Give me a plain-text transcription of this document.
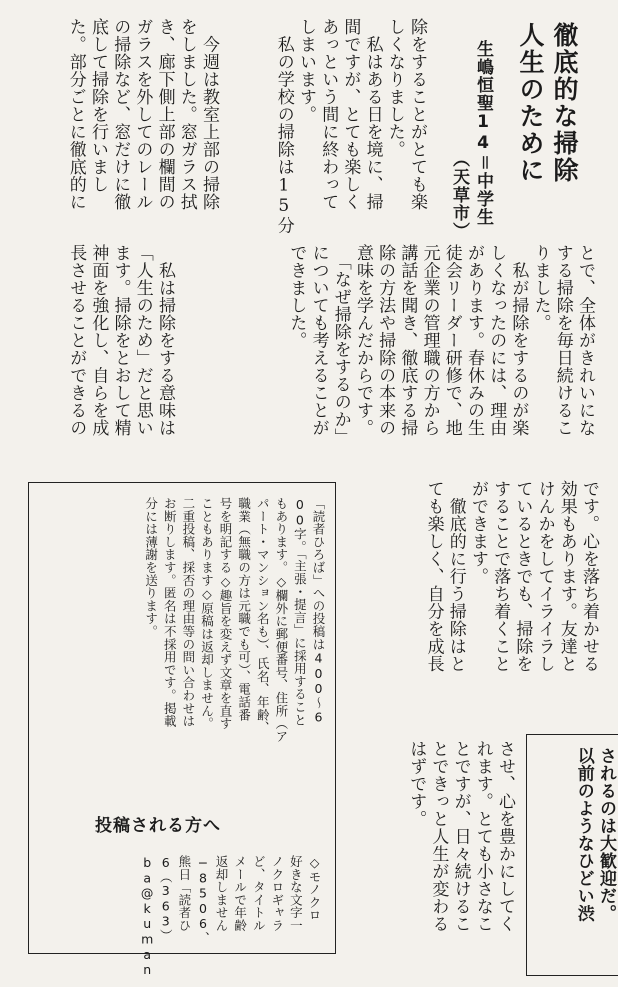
徹底的な掃除
人生のために
生嶋恒聖14＝中学生
（天草市）
除をすることがとても楽
しくなりました。
　私はある日を境に、掃
間ですが、とても楽しく
あっという間に終わって
しまいます。
　私の学校の掃除は15分
　今週は教室上部の掃除
をしました。窓ガラス拭
き、廊下側上部の欄間の
ガラスを外してのレール
の掃除など、窓だけに徹
底して掃除を行いまし
た。部分ごとに徹底的に
とで、全体がきれいにな
する掃除を毎日続けるこ
りました。
　私が掃除をするのが楽
しくなったのには、理由
があります。春休みの生
徒会リーダー研修で、地
元企業の管理職の方から
講話を聞き、徹底する掃
除の方法や掃除の本来の
意味を学んだからです。
　「なぜ掃除をするのか」
についても考えることが
できました。
　私は掃除をする意味は
「人生のため」だと思い
ます。掃除をとおして精
神面を強化し、自らを成
長させることができるの
です。心を落ち着かせる
効果もあります。友達と
けんかをしてイライラし
ているときでも、掃除を
することで落ち着くこと
ができます。
　徹底的に行う掃除はと
ても楽しく、自分を成長
させ、心を豊かにしてく
れます。とても小さなこ
とですが、日々続けるこ
とできっと人生が変わる
はずです。
「読者ひろば」への投稿は400〜6
00字。「主張・提言」に採用すること
もあります。◇欄外に郵便番号、住所（ア
パート・マンション名も）、氏名、年齢、
職業（無職の方は元職でも可）、電話番
号を明記する◇趣旨を変えず文章を直す
こともあります◇原稿は返却しません。
二重投稿、採否の理由等の問い合わせは
お断りします。匿名は不採用です。掲載
分には薄謝を送ります。
投稿される方へ
◇モノクロ
好きな文字一
ノクロギャラ
ど、タイトル
メールで年齢
返却しません
−8506、
熊日「読者ひ
6（363）
ba@kuman	されるのは大歓迎だ。
以前のようなひどい渋
